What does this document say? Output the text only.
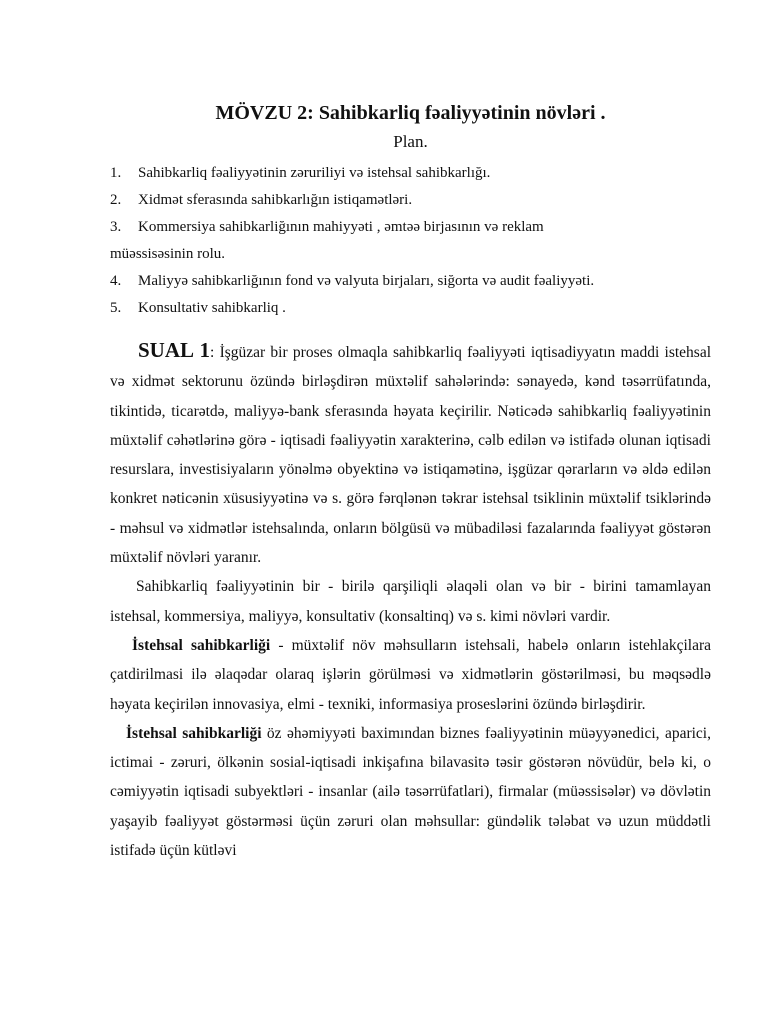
MÖVZU 2: Sahibkarliq fəaliyyətinin növləri .
Plan.
1.	Sahibkarliq fəaliyyətinin zəruriliyi və istehsal sahibkarlığı.
2.	Xidmət sferasında sahibkarlığın istiqamətləri.
3.	Kommersiya sahibkarliğının mahiyyəti , əmtəə birjasının və reklam
müəssisəsinin rolu.
4.	Maliyyə sahibkarliğının fond və valyuta birjaları, siğorta və audit fəaliyyəti.
5.	Konsultativ sahibkarliq .

SUAL 1: İşgüzar bir proses olmaqla sahibkarliq fəaliyyəti iqtisadiyyatın maddi istehsal və xidmət sektorunu özündə birləşdirən müxtəlif sahələrində: sənayedə, kənd təsərrüfatında, tikintidə, ticarətdə, maliyyə-bank sferasında həyata keçirilir. Nəticədə sahibkarliq fəaliyyətinin müxtəlif cəhətlərinə görə - iqtisadi fəaliyyətin xarakterinə, cəlb edilən və istifadə olunan iqtisadi resurslara, investisiyaların yönəlmə obyektinə və istiqamətinə, işgüzar qərarların və əldə edilən konkret nəticənin xüsusiyyətinə və s. görə fərqlənən təkrar istehsal tsiklinin müxtəlif tsiklərində - məhsul və xidmətlər istehsalında, onların bölgüsü və mübadiləsi fazalarında fəaliyyət göstərən müxtəlif növləri yaranır.

Sahibkarliq fəaliyyətinin bir - birilə qarşiliqli əlaqəli olan və bir - birini tamamlayan istehsal, kommersiya, maliyyə, konsultativ (konsaltinq) və s. kimi növləri vardir.

İstehsal sahibkarliği - müxtəlif növ məhsulların istehsali, habelə onların istehlakçilara çatdirilmasi ilə əlaqədar olaraq işlərin görülməsi və xidmətlərin göstərilməsi, bu məqsədlə həyata keçirilən innovasiya, elmi - texniki, informasiya proseslərini özündə birləşdirir.

İstehsal sahibkarliği öz əhəmiyyəti baximından biznes fəaliyyətinin müəyyənedici, aparici, ictimai - zəruri, ölkənin sosial-iqtisadi inkişafına bilavasitə təsir göstərən növüdür, belə ki, o cəmiyyətin iqtisadi subyektləri - insanlar (ailə təsərrüfatlari), firmalar (müəssisələr) və dövlətin yaşayib fəaliyyət göstərməsi üçün zəruri olan məhsullar: gündəlik tələbat və uzun müddətli istifadə üçün kütləvi
